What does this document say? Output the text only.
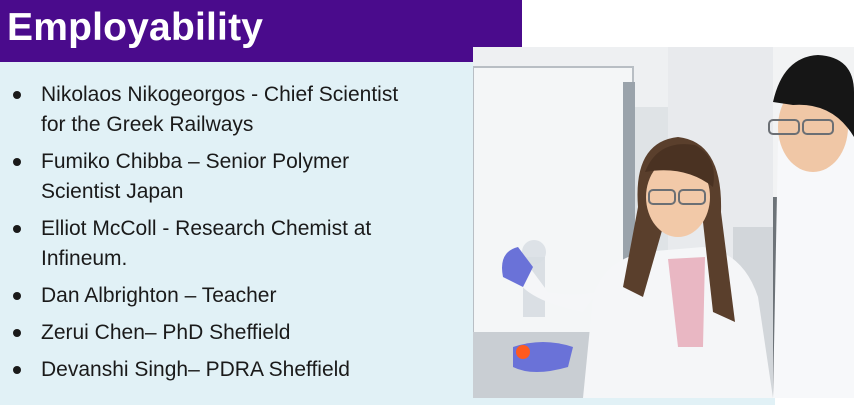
Employability
Nikolaos Nikogeorgos - Chief Scientist
for the Greek Railways
Fumiko Chibba – Senior Polymer
Scientist Japan
Elliot McColl - Research Chemist at
Infineum.
Dan Albrighton – Teacher
Zerui Chen– PhD Sheffield
Devanshi Singh– PDRA Sheffield
